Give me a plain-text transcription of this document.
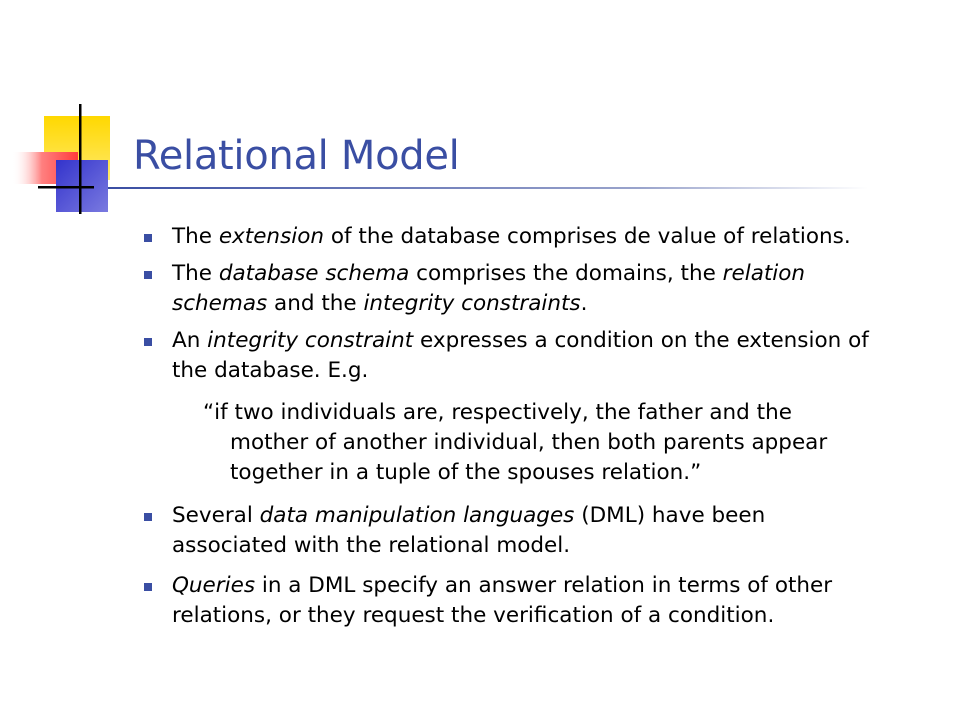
Relational Model
The extension of the database comprises de value of relations.
The database schema comprises the domains, the relation
schemas and the integrity constraints.
An integrity constraint expresses a condition on the extension of
the database. E.g.
“if two individuals are, respectively, the father and the
mother of another individual, then both parents appear
together in a tuple of the spouses relation.”
Several data manipulation languages (DML) have been
associated with the relational model.
Queries in a DML specify an answer relation in terms of other
relations, or they request the verification of a condition.
